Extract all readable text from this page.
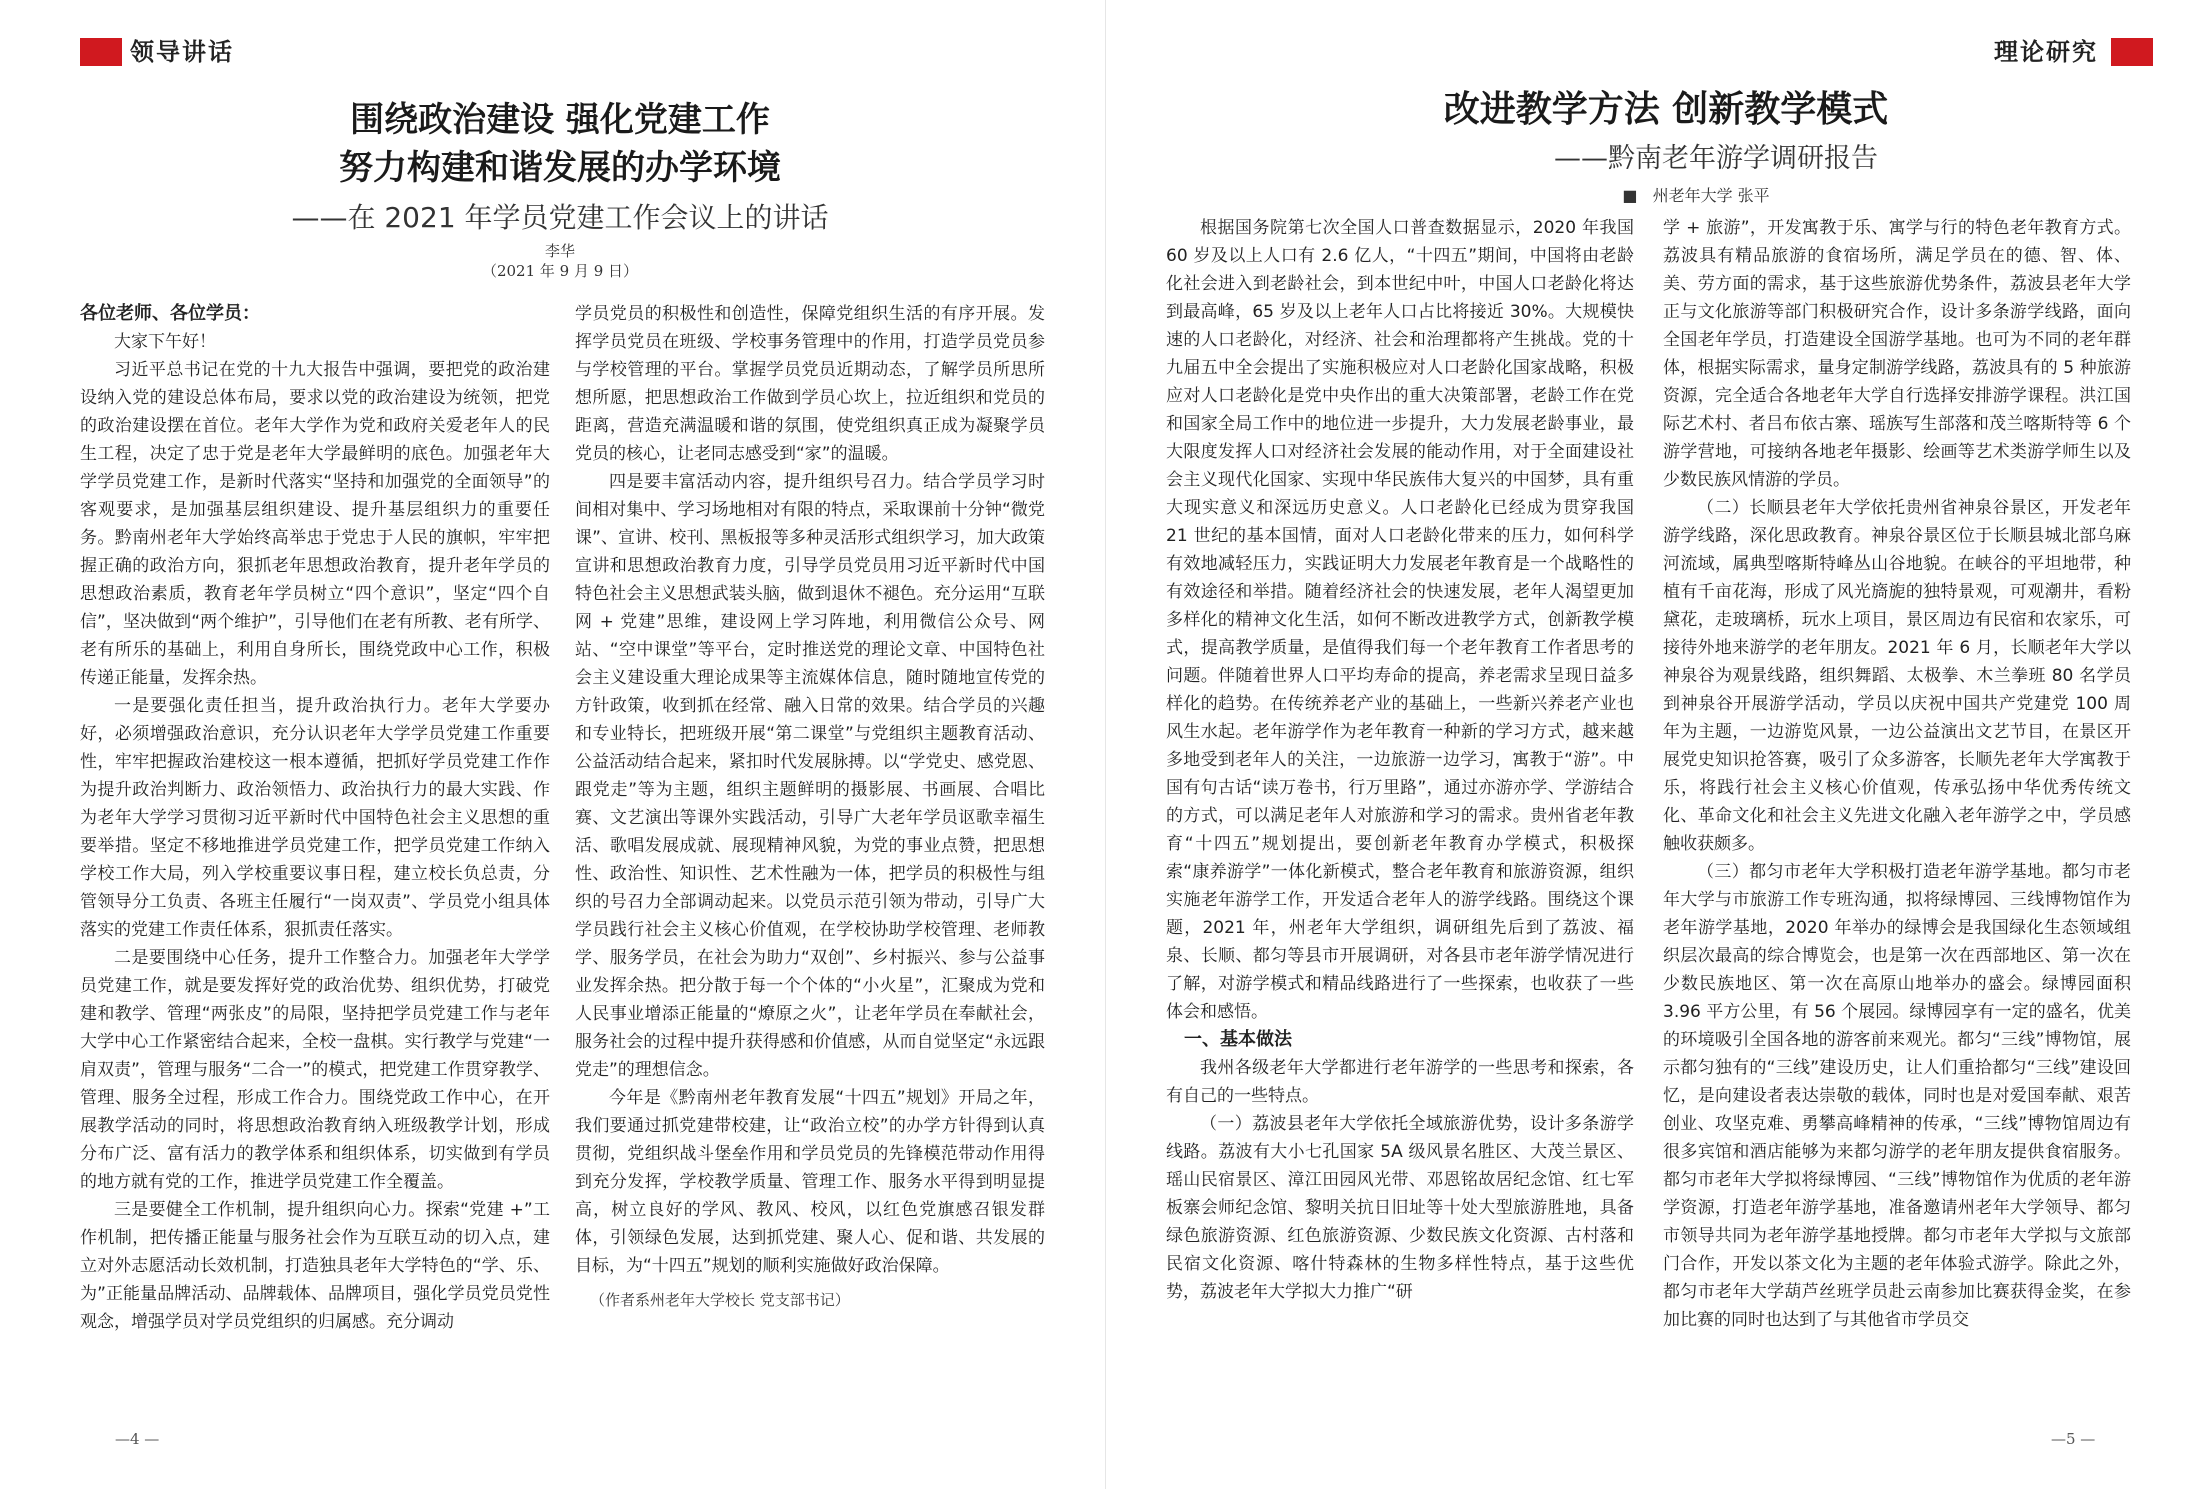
领导讲话
围绕政治建设 强化党建工作
努力构建和谐发展的办学环境
——在 2021 年学员党建工作会议上的讲话
李华
（2021 年 9 月 9 日）

各位老师、各位学员：

大家下午好！

习近平总书记在党的十九大报告中强调，要把党的政治建设纳入党的建设总体布局，要求以党的政治建设为统领，把党的政治建设摆在首位。老年大学作为党和政府关爱老年人的民生工程，决定了忠于党是老年大学最鲜明的底色。加强老年大学学员党建工作，是新时代落实“坚持和加强党的全面领导”的客观要求，是加强基层组织建设、提升基层组织力的重要任务。黔南州老年大学始终高举忠于党忠于人民的旗帜，牢牢把握正确的政治方向，狠抓老年思想政治教育，提升老年学员的思想政治素质，教育老年学员树立“四个意识”，坚定“四个自信”，坚决做到“两个维护”，引导他们在老有所教、老有所学、老有所乐的基础上，利用自身所长，围绕党政中心工作，积极传递正能量，发挥余热。

一是要强化责任担当，提升政治执行力。老年大学要办好，必须增强政治意识，充分认识老年大学学员党建工作重要性，牢牢把握政治建校这一根本遵循，把抓好学员党建工作作为提升政治判断力、政治领悟力、政治执行力的最大实践、作为老年大学学习贯彻习近平新时代中国特色社会主义思想的重要举措。坚定不移地推进学员党建工作，把学员党建工作纳入学校工作大局，列入学校重要议事日程，建立校长负总责，分管领导分工负责、各班主任履行“一岗双责”、学员党小组具体落实的党建工作责任体系，狠抓责任落实。

二是要围绕中心任务，提升工作整合力。加强老年大学学员党建工作，就是要发挥好党的政治优势、组织优势，打破党建和教学、管理“两张皮”的局限，坚持把学员党建工作与老年大学中心工作紧密结合起来，全校一盘棋。实行教学与党建“一肩双责”，管理与服务“二合一”的模式，把党建工作贯穿教学、管理、服务全过程，形成工作合力。围绕党政工作中心，在开展教学活动的同时，将思想政治教育纳入班级教学计划，形成分布广泛、富有活力的教学体系和组织体系，切实做到有学员的地方就有党的工作，推进学员党建工作全覆盖。

三是要健全工作机制，提升组织向心力。探索“党建 +”工作机制，把传播正能量与服务社会作为互联互动的切入点，建立对外志愿活动长效机制，打造独具老年大学特色的“学、乐、为”正能量品牌活动、品牌载体、品牌项目，强化学员党员党性观念，增强学员对学员党组织的归属感。充分调动

学员党员的积极性和创造性，保障党组织生活的有序开展。发挥学员党员在班级、学校事务管理中的作用，打造学员党员参与学校管理的平台。掌握学员党员近期动态，了解学员所思所想所愿，把思想政治工作做到学员心坎上，拉近组织和党员的距离，营造充满温暖和谐的氛围，使党组织真正成为凝聚学员党员的核心，让老同志感受到“家”的温暖。

四是要丰富活动内容，提升组织号召力。结合学员学习时间相对集中、学习场地相对有限的特点，采取课前十分钟“微党课”、宣讲、校刊、黑板报等多种灵活形式组织学习，加大政策宣讲和思想政治教育力度，引导学员党员用习近平新时代中国特色社会主义思想武装头脑，做到退休不褪色。充分运用“互联网 + 党建”思维，建设网上学习阵地，利用微信公众号、网站、“空中课堂”等平台，定时推送党的理论文章、中国特色社会主义建设重大理论成果等主流媒体信息，随时随地宣传党的方针政策，收到抓在经常、融入日常的效果。结合学员的兴趣和专业特长，把班级开展“第二课堂”与党组织主题教育活动、公益活动结合起来，紧扣时代发展脉搏。以“学党史、感党恩、跟党走”等为主题，组织主题鲜明的摄影展、书画展、合唱比赛、文艺演出等课外实践活动，引导广大老年学员讴歌幸福生活、歌唱发展成就、展现精神风貌，为党的事业点赞，把思想性、政治性、知识性、艺术性融为一体，把学员的积极性与组织的号召力全部调动起来。以党员示范引领为带动，引导广大学员践行社会主义核心价值观，在学校协助学校管理、老师教学、服务学员，在社会为助力“双创”、乡村振兴、参与公益事业发挥余热。把分散于每一个个体的“小火星”，汇聚成为党和人民事业增添正能量的“燎原之火”，让老年学员在奉献社会，服务社会的过程中提升获得感和价值感，从而自觉坚定“永远跟党走”的理想信念。

今年是《黔南州老年教育发展“十四五”规划》开局之年，我们要通过抓党建带校建，让“政治立校”的办学方针得到认真贯彻，党组织战斗堡垒作用和学员党员的先锋模范带动作用得到充分发挥，学校教学质量、管理工作、服务水平得到明显提高，树立良好的学风、教风、校风，以红色党旗感召银发群体，引领绿色发展，达到抓党建、聚人心、促和谐、共发展的目标，为“十四五”规划的顺利实施做好政治保障。

（作者系州老年大学校长 党支部书记）

—4 —
理论研究
改进教学方法 创新教学模式
——黔南老年游学调研报告
■ 州老年大学 张平

根据国务院第七次全国人口普查数据显示，2020 年我国 60 岁及以上人口有 2.6 亿人，“十四五”期间，中国将由老龄化社会进入到老龄社会，到本世纪中叶，中国人口老龄化将达到最高峰，65 岁及以上老年人口占比将接近 30%。大规模快速的人口老龄化，对经济、社会和治理都将产生挑战。党的十九届五中全会提出了实施积极应对人口老龄化国家战略，积极应对人口老龄化是党中央作出的重大决策部署，老龄工作在党和国家全局工作中的地位进一步提升，大力发展老龄事业，最大限度发挥人口对经济社会发展的能动作用，对于全面建设社会主义现代化国家、实现中华民族伟大复兴的中国梦，具有重大现实意义和深远历史意义。人口老龄化已经成为贯穿我国 21 世纪的基本国情，面对人口老龄化带来的压力，如何科学有效地减轻压力，实践证明大力发展老年教育是一个战略性的有效途径和举措。随着经济社会的快速发展，老年人渴望更加多样化的精神文化生活，如何不断改进教学方式，创新教学模式，提高教学质量，是值得我们每一个老年教育工作者思考的问题。伴随着世界人口平均寿命的提高，养老需求呈现日益多样化的趋势。在传统养老产业的基础上，一些新兴养老产业也风生水起。老年游学作为老年教育一种新的学习方式，越来越多地受到老年人的关注，一边旅游一边学习，寓教于“游”。中国有句古话“读万卷书，行万里路”，通过亦游亦学、学游结合的方式，可以满足老年人对旅游和学习的需求。贵州省老年教育“十四五”规划提出，要创新老年教育办学模式，积极探索“康养游学”一体化新模式，整合老年教育和旅游资源，组织实施老年游学工作，开发适合老年人的游学线路。围绕这个课题，2021 年，州老年大学组织，调研组先后到了荔波、福泉、长顺、都匀等县市开展调研，对各县市老年游学情况进行了解，对游学模式和精品线路进行了一些探索，也收获了一些体会和感悟。

一、基本做法

我州各级老年大学都进行老年游学的一些思考和探索，各有自己的一些特点。

（一）荔波县老年大学依托全域旅游优势，设计多条游学线路。荔波有大小七孔国家 5A 级风景名胜区、大茂兰景区、瑶山民宿景区、漳江田园风光带、邓恩铭故居纪念馆、红七军板寨会师纪念馆、黎明关抗日旧址等十处大型旅游胜地，具备绿色旅游资源、红色旅游资源、少数民族文化资源、古村落和民宿文化资源、喀什特森林的生物多样性特点，基于这些优势，荔波老年大学拟大力推广“研

学 + 旅游”，开发寓教于乐、寓学与行的特色老年教育方式。荔波具有精品旅游的食宿场所，满足学员在的德、智、体、美、劳方面的需求，基于这些旅游优势条件，荔波县老年大学正与文化旅游等部门积极研究合作，设计多条游学线路，面向全国老年学员，打造建设全国游学基地。也可为不同的老年群体，根据实际需求，量身定制游学线路，荔波具有的 5 种旅游资源，完全适合各地老年大学自行选择安排游学课程。洪江国际艺术村、者吕布依古寨、瑶族写生部落和茂兰喀斯特等 6 个游学营地，可接纳各地老年摄影、绘画等艺术类游学师生以及少数民族风情游的学员。

（二）长顺县老年大学依托贵州省神泉谷景区，开发老年游学线路，深化思政教育。神泉谷景区位于长顺县城北部乌麻河流域，属典型喀斯特峰丛山谷地貌。在峡谷的平坦地带，种植有千亩花海，形成了风光旖旎的独特景观，可观潮井，看粉黛花，走玻璃桥，玩水上项目，景区周边有民宿和农家乐，可接待外地来游学的老年朋友。2021 年 6 月，长顺老年大学以神泉谷为观景线路，组织舞蹈、太极拳、木兰拳班 80 名学员到神泉谷开展游学活动，学员以庆祝中国共产党建党 100 周年为主题，一边游览风景，一边公益演出文艺节目，在景区开展党史知识抢答赛，吸引了众多游客，长顺先老年大学寓教于乐，将践行社会主义核心价值观，传承弘扬中华优秀传统文化、革命文化和社会主义先进文化融入老年游学之中，学员感触收获颇多。

（三）都匀市老年大学积极打造老年游学基地。都匀市老年大学与市旅游工作专班沟通，拟将绿博园、三线博物馆作为老年游学基地，2020 年举办的绿博会是我国绿化生态领域组织层次最高的综合博览会，也是第一次在西部地区、第一次在少数民族地区、第一次在高原山地举办的盛会。绿博园面积 3.96 平方公里，有 56 个展园。绿博园享有一定的盛名，优美的环境吸引全国各地的游客前来观光。都匀“三线”博物馆，展示都匀独有的“三线”建设历史，让人们重拾都匀“三线”建设回忆，是向建设者表达崇敬的载体，同时也是对爱国奉献、艰苦创业、攻坚克难、勇攀高峰精神的传承，“三线”博物馆周边有很多宾馆和酒店能够为来都匀游学的老年朋友提供食宿服务。都匀市老年大学拟将绿博园、“三线”博物馆作为优质的老年游学资源，打造老年游学基地，准备邀请州老年大学领导、都匀市领导共同为老年游学基地授牌。都匀市老年大学拟与文旅部门合作，开发以茶文化为主题的老年体验式游学。除此之外，都匀市老年大学葫芦丝班学员赴云南参加比赛获得金奖，在参加比赛的同时也达到了与其他省市学员交

—5 —
